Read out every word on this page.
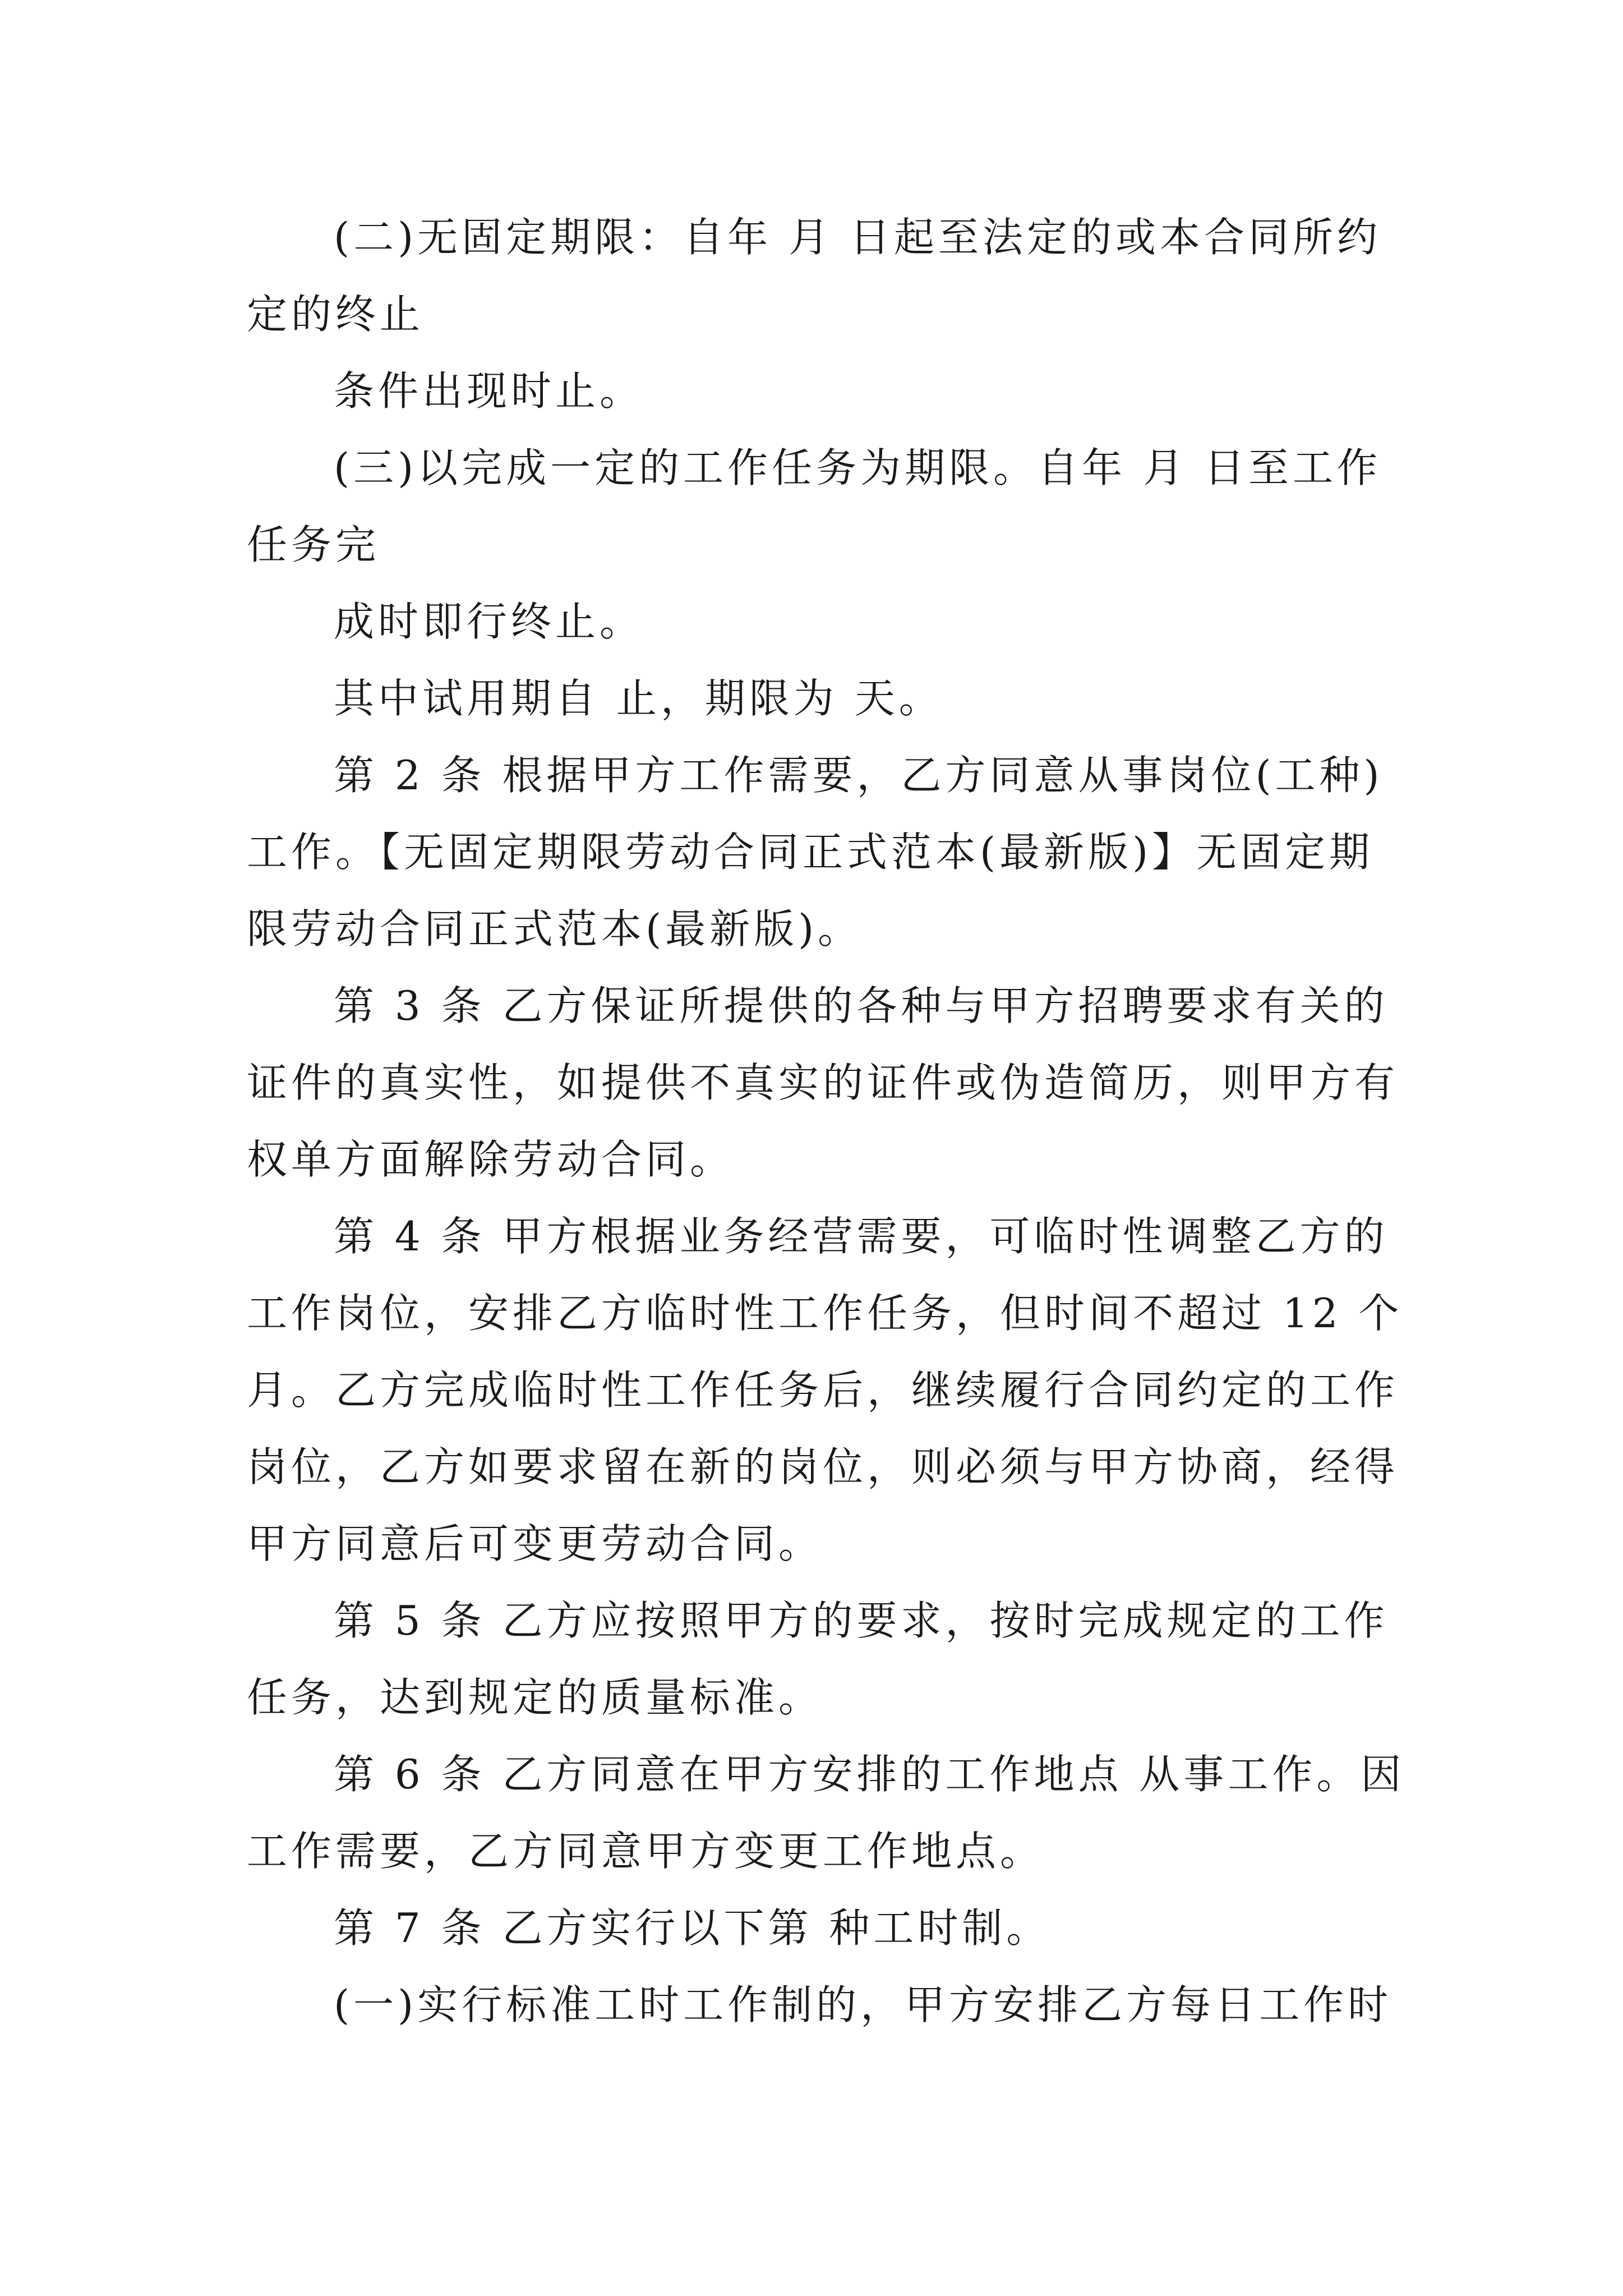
(二)无固定期限：自年 月 日起至法定的或本合同所约
定的终止
条件出现时止。
(三)以完成一定的工作任务为期限。自年 月 日至工作
任务完
成时即行终止。
其中试用期自 止，期限为 天。
第 2 条 根据甲方工作需要，乙方同意从事岗位(工种)
工作。【无固定期限劳动合同正式范本(最新版)】无固定期
限劳动合同正式范本(最新版)。
第 3 条 乙方保证所提供的各种与甲方招聘要求有关的
证件的真实性，如提供不真实的证件或伪造简历，则甲方有
权单方面解除劳动合同。
第 4 条 甲方根据业务经营需要，可临时性调整乙方的
工作岗位，安排乙方临时性工作任务，但时间不超过 12 个
月。乙方完成临时性工作任务后，继续履行合同约定的工作
岗位，乙方如要求留在新的岗位，则必须与甲方协商，经得
甲方同意后可变更劳动合同。
第 5 条 乙方应按照甲方的要求，按时完成规定的工作
任务，达到规定的质量标准。
第 6 条 乙方同意在甲方安排的工作地点 从事工作。因
工作需要，乙方同意甲方变更工作地点。
第 7 条 乙方实行以下第 种工时制。
(一)实行标准工时工作制的，甲方安排乙方每日工作时
